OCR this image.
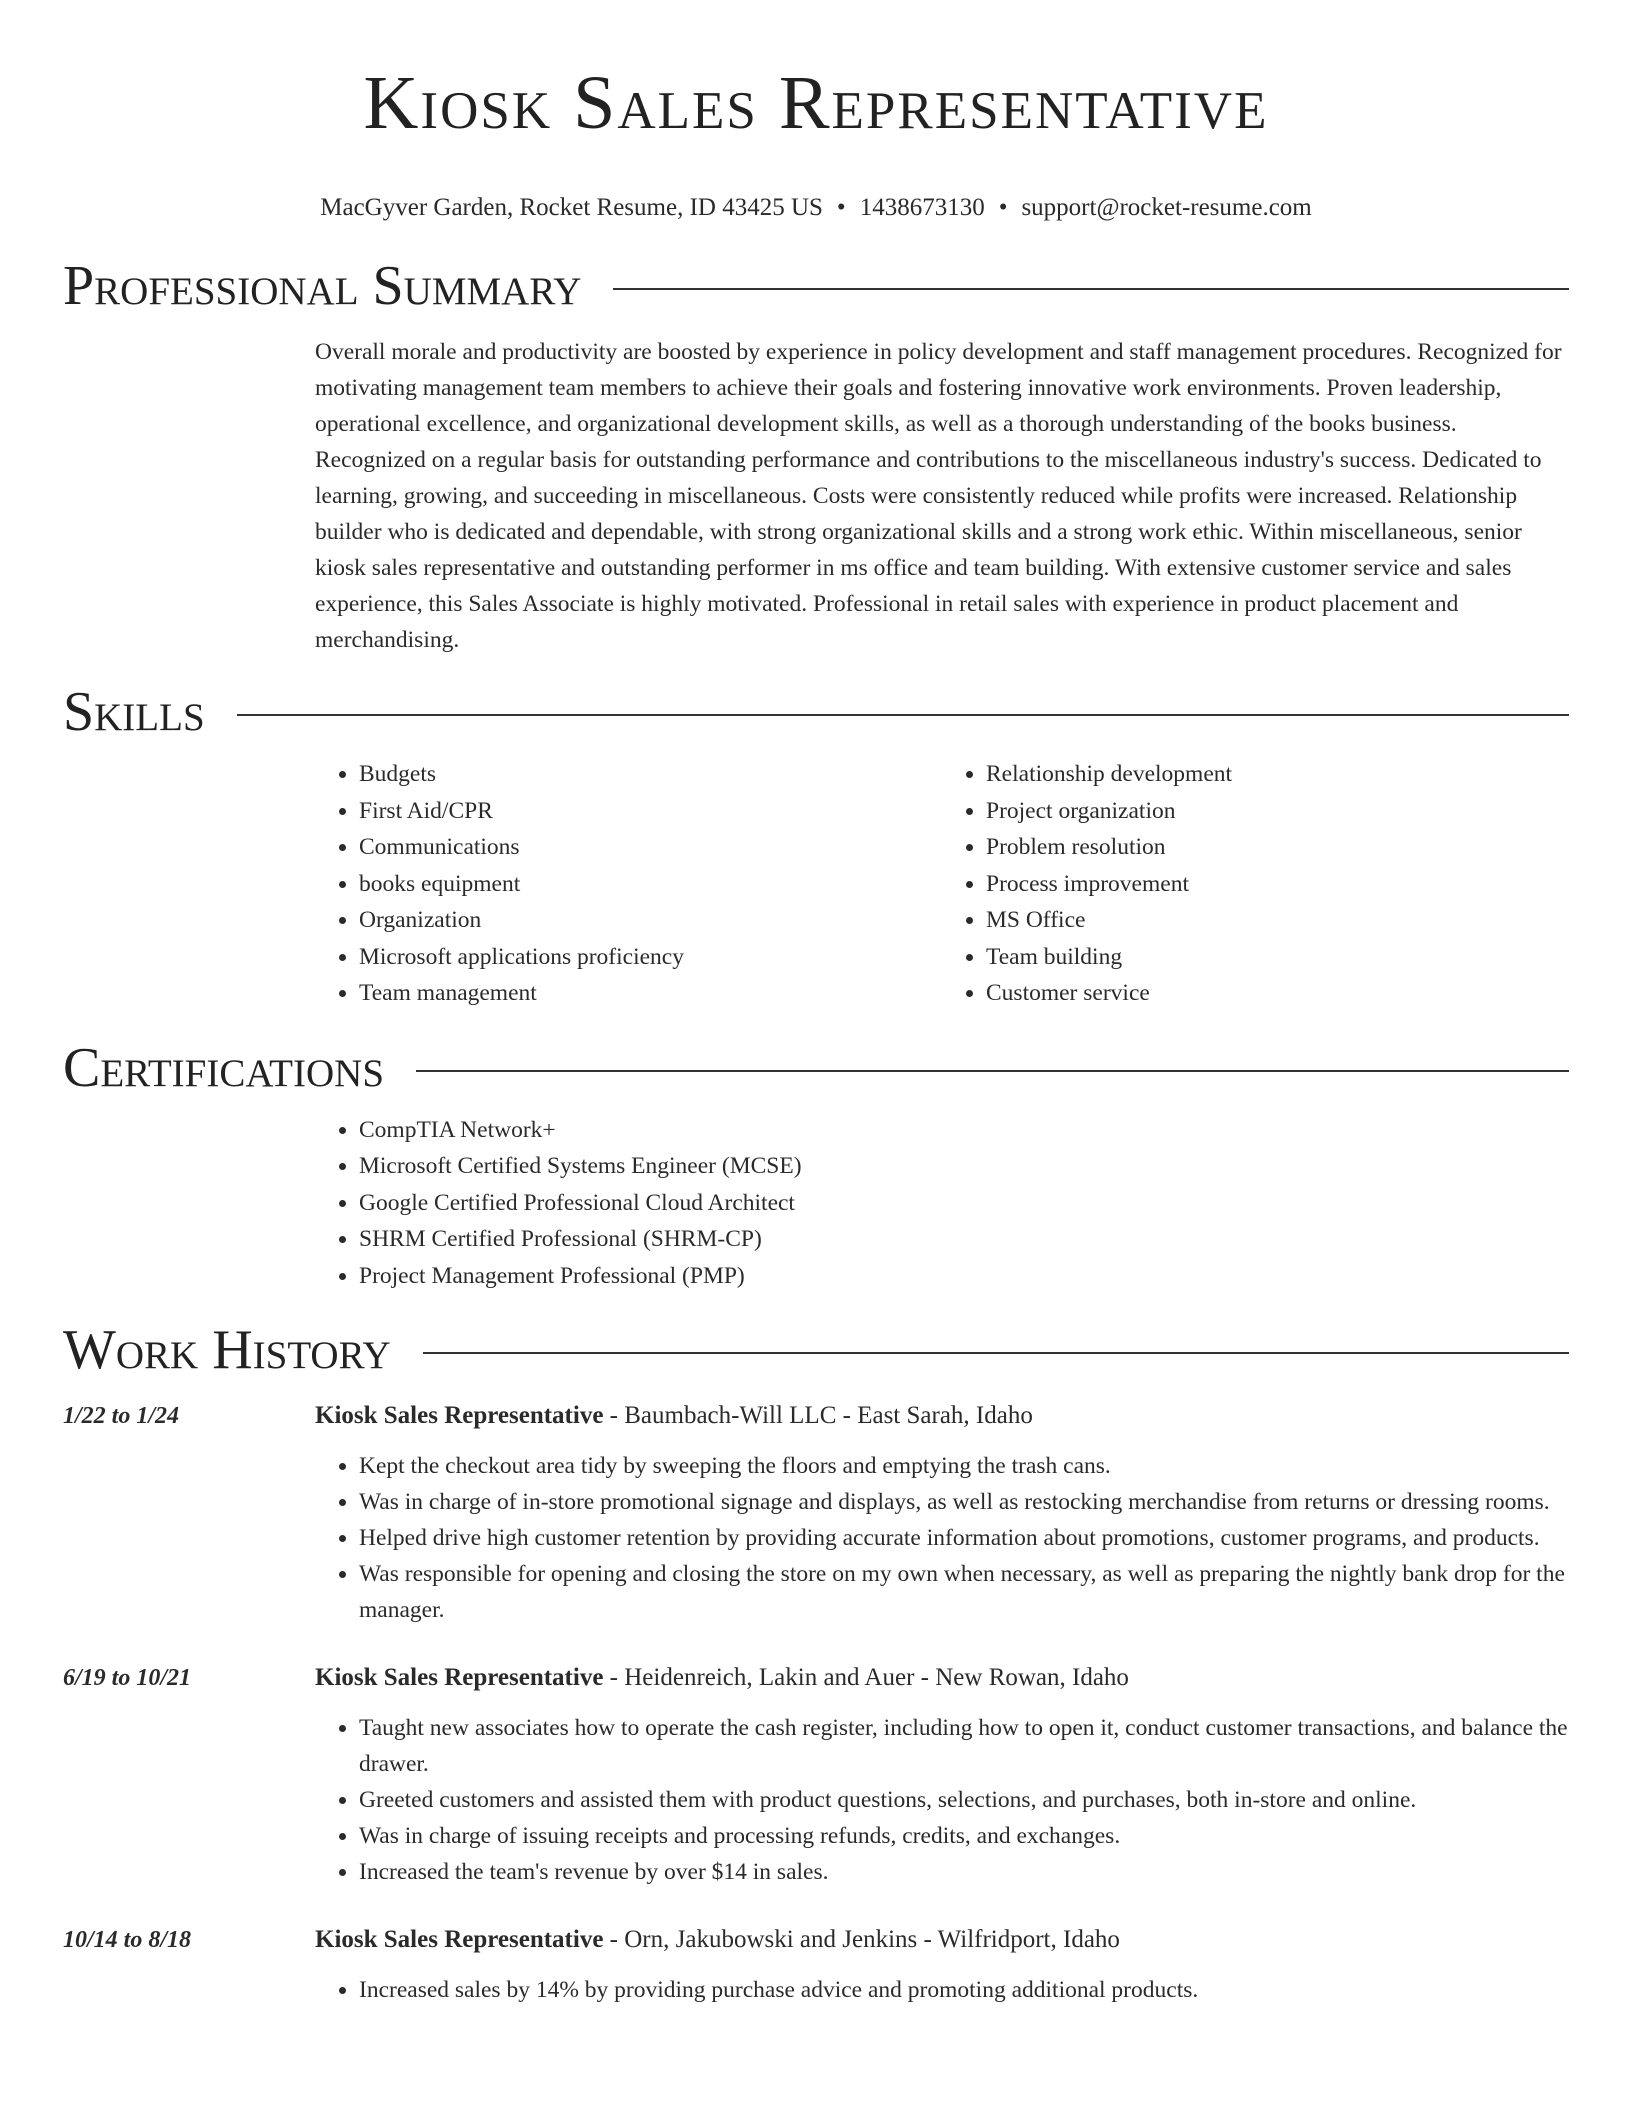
Kiosk Sales Representative
MacGyver Garden, Rocket Resume, ID 43425 US • 1438673130 • support@rocket-resume.com
Professional Summary

Overall morale and productivity are boosted by experience in policy development and staff management procedures. Recognized for motivating management team members to achieve their goals and fostering innovative work environments. Proven leadership, operational excellence, and organizational development skills, as well as a thorough understanding of the books business. Recognized on a regular basis for outstanding performance and contributions to the miscellaneous industry's success. Dedicated to learning, growing, and succeeding in miscellaneous. Costs were consistently reduced while profits were increased. Relationship builder who is dedicated and dependable, with strong organizational skills and a strong work ethic. Within miscellaneous, senior kiosk sales representative and outstanding performer in ms office and team building. With extensive customer service and sales experience, this Sales Associate is highly motivated. Professional in retail sales with experience in product placement and merchandising.

Skills
• Budgets
• First Aid/CPR
• Communications
• books equipment
• Organization
• Microsoft applications proficiency
• Team management
• Relationship development
• Project organization
• Problem resolution
• Process improvement
• MS Office
• Team building
• Customer service
Certifications
• CompTIA Network+
• Microsoft Certified Systems Engineer (MCSE)
• Google Certified Professional Cloud Architect
• SHRM Certified Professional (SHRM-CP)
• Project Management Professional (PMP)
Work History
1/22 to 1/24	Kiosk Sales Representative - Baumbach-Will LLC - East Sarah, Idaho
• Kept the checkout area tidy by sweeping the floors and emptying the trash cans.
• Was in charge of in-store promotional signage and displays, as well as restocking merchandise from returns or dressing rooms.
• Helped drive high customer retention by providing accurate information about promotions, customer programs, and products.
• Was responsible for opening and closing the store on my own when necessary, as well as preparing the nightly bank drop for the manager.
6/19 to 10/21	Kiosk Sales Representative - Heidenreich, Lakin and Auer - New Rowan, Idaho
• Taught new associates how to operate the cash register, including how to open it, conduct customer transactions, and balance the drawer.
• Greeted customers and assisted them with product questions, selections, and purchases, both in-store and online.
• Was in charge of issuing receipts and processing refunds, credits, and exchanges.
• Increased the team's revenue by over $14 in sales.
10/14 to 8/18	Kiosk Sales Representative - Orn, Jakubowski and Jenkins - Wilfridport, Idaho
• Increased sales by 14% by providing purchase advice and promoting additional products.
